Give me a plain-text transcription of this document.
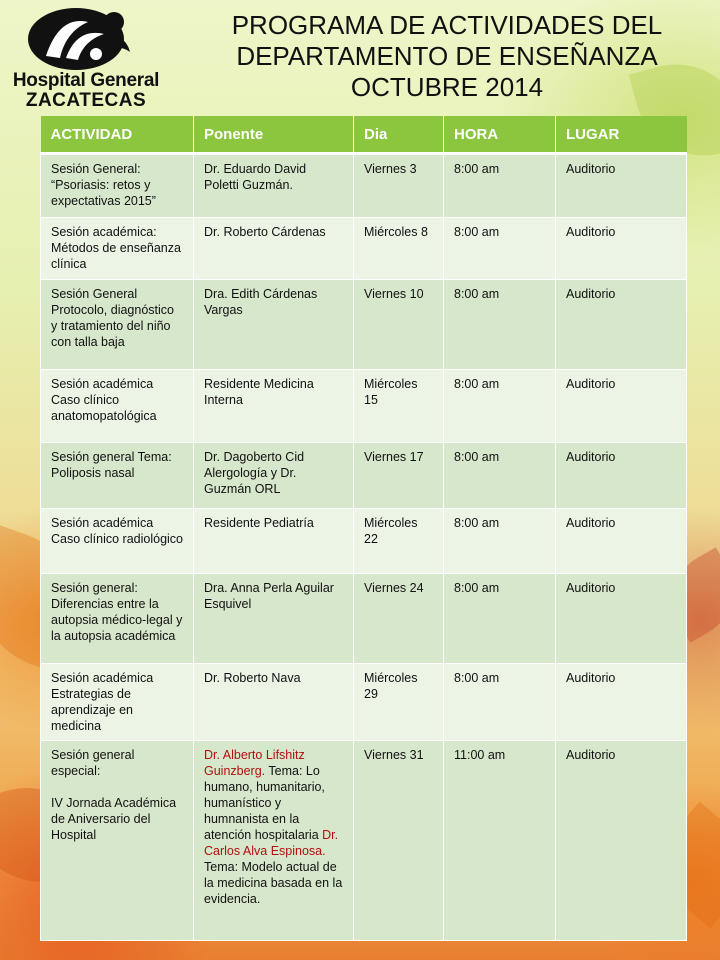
Hospital General
ZACATECAS
PROGRAMA DE ACTIVIDADES DEL
DEPARTAMENTO DE ENSEÑANZA
OCTUBRE 2014
ACTIVIDAD	Ponente	Dia	HORA	LUGAR
Sesión General: “Psoriasis: retos y expectativas 2015”	Dr. Eduardo David Poletti Guzmán.	Viernes 3	8:00 am	Auditorio
Sesión académica: Métodos de enseñanza clínica	Dr. Roberto Cárdenas	Miércoles 8	8:00 am	Auditorio
Sesión General Protocolo, diagnóstico y tratamiento del niño con talla baja	Dra. Edith Cárdenas Vargas	Viernes 10	8:00 am	Auditorio
Sesión académica Caso clínico anatomopatológica	Residente Medicina Interna	Miércoles 15	8:00 am	Auditorio
Sesión general Tema: Poliposis nasal	Dr. Dagoberto Cid Alergología y Dr. Guzmán ORL	Viernes 17	8:00 am	Auditorio
Sesión académica Caso clínico radiológico	Residente Pediatría	Miércoles 22	8:00 am	Auditorio
Sesión general: Diferencias entre la autopsia médico-legal y la autopsia académica	Dra. Anna Perla Aguilar Esquivel	Viernes 24	8:00 am	Auditorio
Sesión académica Estrategias de aprendizaje en medicina	Dr. Roberto Nava	Miércoles 29	8:00 am	Auditorio

Sesión general especial:
IV Jornada Académica de Aniversario del Hospital	Dr. Alberto Lifshitz Guinzberg. Tema: Lo humano, humanitario, humanístico y humnanista en la atención hospitalaria Dr. Carlos Alva Espinosa. Tema: Modelo actual de la medicina basada en la evidencia.	Viernes 31	11:00 am	Auditorio
